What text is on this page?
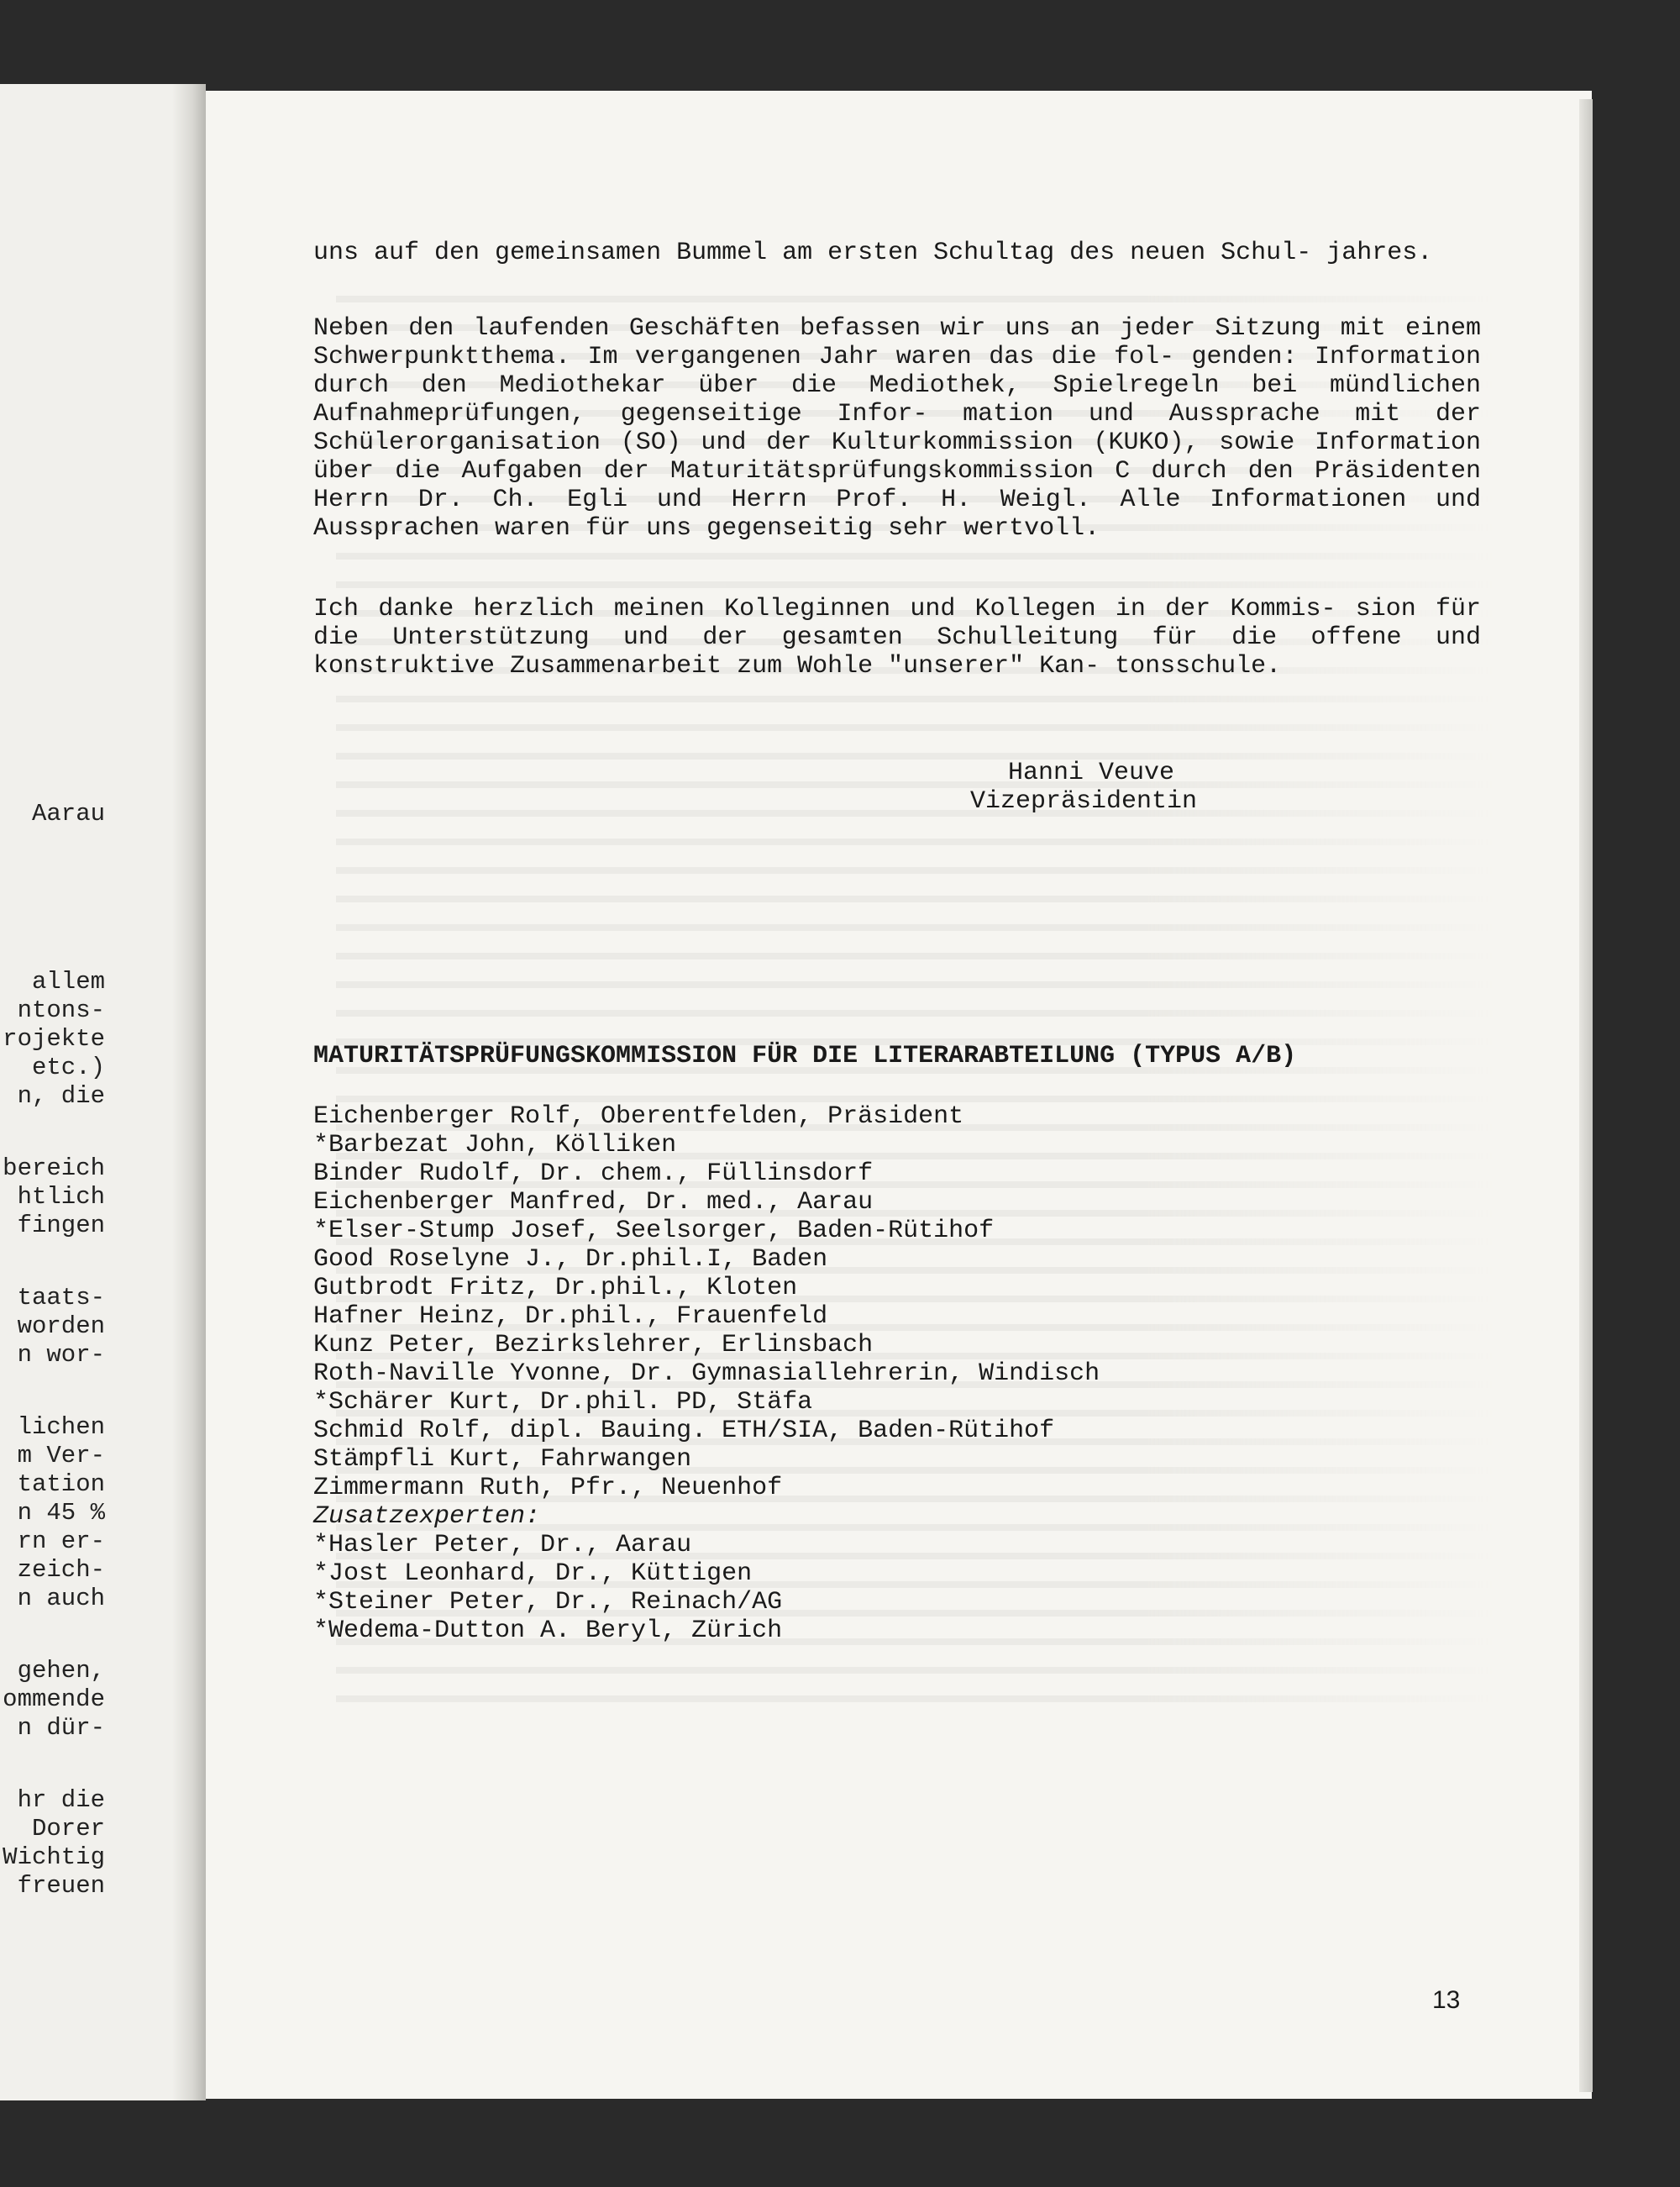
Aarau
allem
ntons-
rojekte
etc.)
n, die
bereich
htlich
fingen
taats-
worden
n wor-
lichen
m Ver-
tation
n 45 %
rn er-
zeich-
n auch
gehen,
ommende
n dür-
hr die
Dorer
Wichtig
freuen

uns auf den gemeinsamen Bummel am ersten Schultag des neuen Schul- jahres.

Neben den laufenden Geschäften befassen wir uns an jeder Sitzung mit einem Schwerpunktthema. Im vergangenen Jahr waren das die fol- genden: Information durch den Mediothekar über die Mediothek, Spielregeln bei mündlichen Aufnahmeprüfungen, gegenseitige Infor- mation und Aussprache mit der Schülerorganisation (SO) und der Kulturkommission (KUKO), sowie Information über die Aufgaben der Maturitätsprüfungskommission C durch den Präsidenten Herrn Dr. Ch. Egli und Herrn Prof. H. Weigl. Alle Informationen und Aussprachen waren für uns gegenseitig sehr wertvoll.

Ich danke herzlich meinen Kolleginnen und Kollegen in der Kommis- sion für die Unterstützung und der gesamten Schulleitung für die offene und konstruktive Zusammenarbeit zum Wohle "unserer" Kan- tonsschule.

Hanni Veuve
Vizepräsidentin
MATURITÄTSPRÜFUNGSKOMMISSION FÜR DIE LITERARABTEILUNG (TYPUS A/B)
Eichenberger Rolf, Oberentfelden, Präsident
*Barbezat John, Kölliken
Binder Rudolf, Dr. chem., Füllinsdorf
Eichenberger Manfred, Dr. med., Aarau
*Elser-Stump Josef, Seelsorger, Baden-Rütihof
Good Roselyne J., Dr.phil.I, Baden
Gutbrodt Fritz, Dr.phil., Kloten
Hafner Heinz, Dr.phil., Frauenfeld
Kunz Peter, Bezirkslehrer, Erlinsbach
Roth-Naville Yvonne, Dr. Gymnasiallehrerin, Windisch
*Schärer Kurt, Dr.phil. PD, Stäfa
Schmid Rolf, dipl. Bauing. ETH/SIA, Baden-Rütihof
Stämpfli Kurt, Fahrwangen
Zimmermann Ruth, Pfr., Neuenhof
Zusatzexperten:
*Hasler Peter, Dr., Aarau
*Jost Leonhard, Dr., Küttigen
*Steiner Peter, Dr., Reinach/AG
*Wedema-Dutton A. Beryl, Zürich
13
